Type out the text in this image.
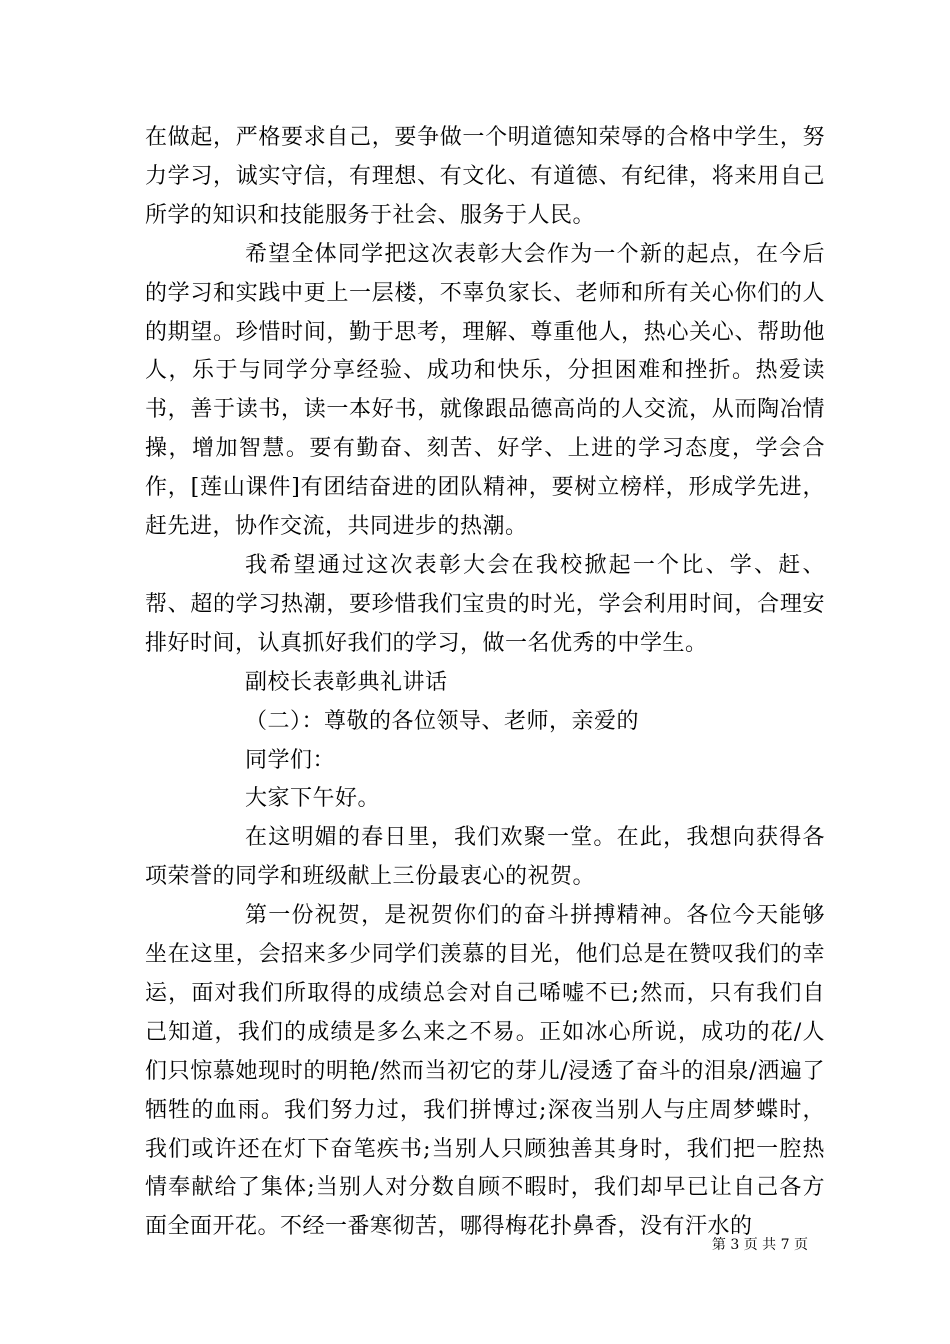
在做起，严格要求自己，要争做一个明道德知荣辱的合格中学生，努力学习，诚实守信，有理想、有文化、有道德、有纪律，将来用自己所学的知识和技能服务于社会、服务于人民。

希望全体同学把这次表彰大会作为一个新的起点，在今后的学习和实践中更上一层楼，不辜负家长、老师和所有关心你们的人的期望。珍惜时间，勤于思考，理解、尊重他人，热心关心、帮助他人，乐于与同学分享经验、成功和快乐，分担困难和挫折。热爱读书，善于读书，读一本好书，就像跟品德高尚的人交流，从而陶冶情操，增加智慧。要有勤奋、刻苦、好学、上进的学习态度，学会合作，[莲山课件]有团结奋进的团队精神，要树立榜样，形成学先进，赶先进，协作交流，共同进步的热潮。

我希望通过这次表彰大会在我校掀起一个比、学、赶、帮、超的学习热潮，要珍惜我们宝贵的时光，学会利用时间，合理安排好时间，认真抓好我们的学习，做一名优秀的中学生。

副校长表彰典礼讲话

（二）：尊敬的各位领导、老师，亲爱的

同学们：

大家下午好。

在这明媚的春日里，我们欢聚一堂。在此，我想向获得各项荣誉的同学和班级献上三份最衷心的祝贺。

第一份祝贺，是祝贺你们的奋斗拼搏精神。各位今天能够坐在这里，会招来多少同学们羡慕的目光，他们总是在赞叹我们的幸运，面对我们所取得的成绩总会对自己唏嘘不已;然而，只有我们自己知道，我们的成绩是多么来之不易。正如冰心所说，成功的花/人们只惊慕她现时的明艳/然而当初它的芽儿/浸透了奋斗的泪泉/洒遍了牺牲的血雨。我们努力过，我们拼博过;深夜当别人与庄周梦蝶时，我们或许还在灯下奋笔疾书;当别人只顾独善其身时，我们把一腔热情奉献给了集体;当别人对分数自顾不暇时，我们却早已让自己各方面全面开花。不经一番寒彻苦，哪得梅花扑鼻香，没有汗水的

第 3 页 共 7 页
